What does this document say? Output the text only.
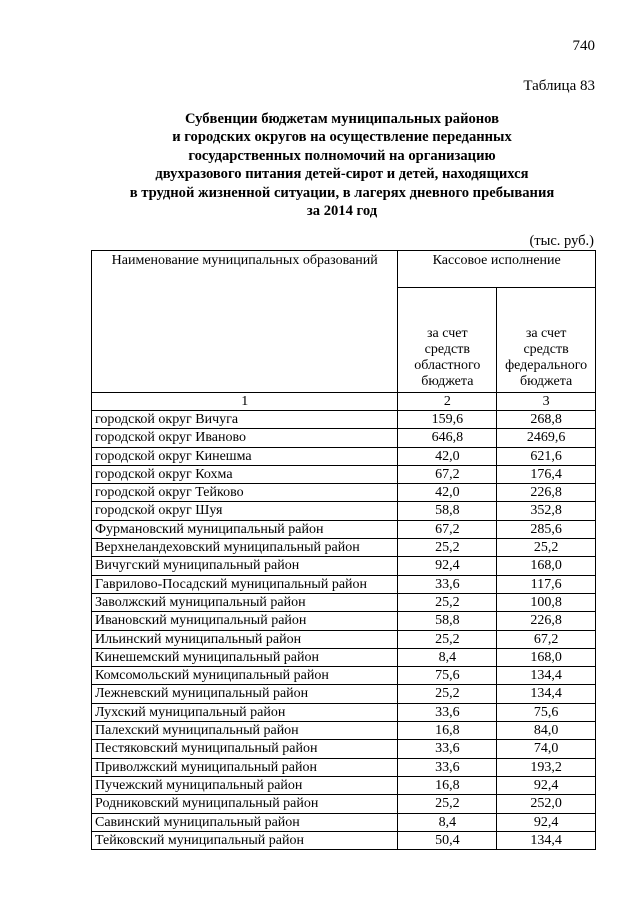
740
Таблица 83
Субвенции бюджетам муниципальных районов
и городских округов на осуществление переданных
государственных полномочий на организацию
двухразового питания детей-сирот и детей, находящихся
в трудной жизненной ситуации, в лагерях дневного пребывания
за 2014 год
(тыс. руб.)
Наименование муниципальных образований	Кассовое исполнение	

	за счет
средств
областного
бюджета	за счет
средств
федерального
бюджета

1	2	3
городской округ Вичуга	159,6	268,8
городской округ Иваново	646,8	2469,6
городской округ Кинешма	42,0	621,6
городской округ Кохма	67,2	176,4
городской округ Тейково	42,0	226,8
городской округ Шуя	58,8	352,8
Фурмановский муниципальный район	67,2	285,6
Верхнеландеховский муниципальный район	25,2	25,2
Вичугский муниципальный район	92,4	168,0
Гаврилово-Посадский муниципальный район	33,6	117,6
Заволжский муниципальный район	25,2	100,8
Ивановский муниципальный район	58,8	226,8
Ильинский муниципальный район	25,2	67,2
Кинешемский муниципальный район	8,4	168,0
Комсомольский муниципальный район	75,6	134,4
Лежневский муниципальный район	25,2	134,4
Лухский муниципальный район	33,6	75,6
Палехский муниципальный район	16,8	84,0
Пестяковский муниципальный район	33,6	74,0
Приволжский муниципальный район	33,6	193,2
Пучежский муниципальный район	16,8	92,4
Родниковский муниципальный район	25,2	252,0
Савинский муниципальный район	8,4	92,4
Тейковский муниципальный район	50,4	134,4
